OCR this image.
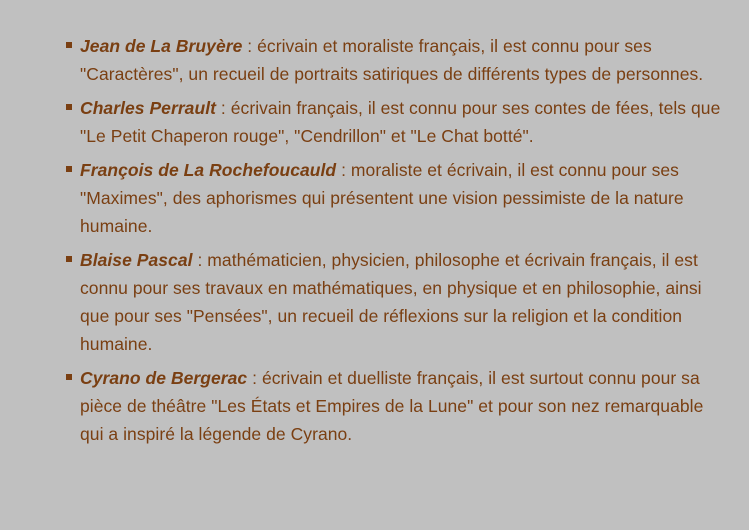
Jean de La Bruyère : écrivain et moraliste français, il est connu pour ses "Caractères", un recueil de portraits satiriques de différents types de personnes.
Charles Perrault : écrivain français, il est connu pour ses contes de fées, tels que "Le Petit Chaperon rouge", "Cendrillon" et "Le Chat botté".
François de La Rochefoucauld : moraliste et écrivain, il est connu pour ses "Maximes", des aphorismes qui présentent une vision pessimiste de la nature humaine.
Blaise Pascal : mathématicien, physicien, philosophe et écrivain français, il est connu pour ses travaux en mathématiques, en physique et en philosophie, ainsi que pour ses "Pensées", un recueil de réflexions sur la religion et la condition humaine.
Cyrano de Bergerac : écrivain et duelliste français, il est surtout connu pour sa pièce de théâtre "Les États et Empires de la Lune" et pour son nez remarquable qui a inspiré la légende de Cyrano.
